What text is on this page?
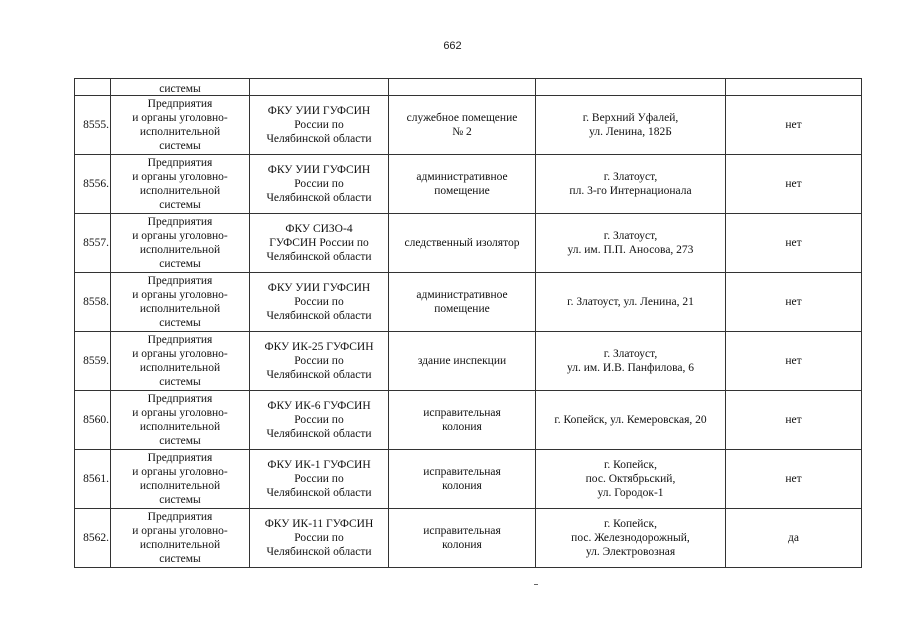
662
	системы				
8555.	Предприятия
и органы уголовно-
исполнительной
системы	ФКУ УИИ ГУФСИН
России по
Челябинской области	служебное помещение
№ 2	г. Верхний Уфалей,
ул. Ленина, 182Б	нет
8556.	Предприятия
и органы уголовно-
исполнительной
системы	ФКУ УИИ ГУФСИН
России по
Челябинской области	административное
помещение	г. Златоуст,
пл. 3-го Интернационала	нет
8557.	Предприятия
и органы уголовно-
исполнительной
системы	ФКУ СИЗО-4
ГУФСИН России по
Челябинской области	следственный изолятор	г. Златоуст,
ул. им. П.П. Аносова, 273	нет
8558.	Предприятия
и органы уголовно-
исполнительной
системы	ФКУ УИИ ГУФСИН
России по
Челябинской области	административное
помещение	г. Златоуст, ул. Ленина, 21	нет
8559.	Предприятия
и органы уголовно-
исполнительной
системы	ФКУ ИК-25 ГУФСИН
России по
Челябинской области	здание инспекции	г. Златоуст,
ул. им. И.В. Панфилова, 6	нет
8560.	Предприятия
и органы уголовно-
исполнительной
системы	ФКУ ИК-6 ГУФСИН
России по
Челябинской области	исправительная
колония	г. Копейск, ул. Кемеровская, 20	нет
8561.	Предприятия
и органы уголовно-
исполнительной
системы	ФКУ ИК-1 ГУФСИН
России по
Челябинской области	исправительная
колония	г. Копейск,
пос. Октябрьский,
ул. Городок-1	нет
8562.	Предприятия
и органы уголовно-
исполнительной
системы	ФКУ ИК-11 ГУФСИН
России по
Челябинской области	исправительная
колония	г. Копейск,
пос. Железнодорожный,
ул. Электровозная	да
